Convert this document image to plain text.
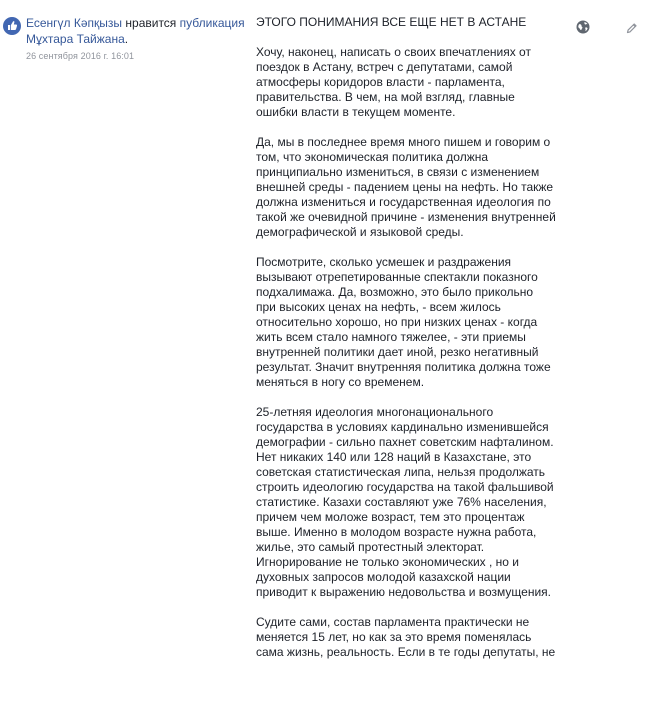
Есенгүл Кәпқызы нравится публикация Мұхтара Тайжана.
26 сентября 2016 г. 16:01
ЭТОГО ПОНИМАНИЯ ВСЕ ЕЩЕ НЕТ В АСТАНЕ

Хочу, наконец, написать о своих впечатлениях от поездок в Астану, встреч с депутатами, самой атмосферы коридоров власти - парламента, правительства. В чем, на мой взгляд, главные ошибки власти в текущем моменте.

Да, мы в последнее время много пишем и говорим о том, что экономическая политика должна принципиально измениться, в связи с изменением внешней среды - падением цены на нефть. Но также должна измениться и государственная идеология по такой же очевидной причине - изменения внутренней демографической и языковой среды.

Посмотрите, сколько усмешек и раздражения вызывают отрепетированные спектакли показного подхалимажа. Да, возможно, это было прикольно при высоких ценах на нефть, - всем жилось относительно хорошо, но при низких ценах - когда жить всем стало намного тяжелее, - эти приемы внутренней политики дает иной, резко негативный результат. Значит внутренняя политика должна тоже меняться в ногу со временем.

25-летняя идеология многонационального государства в условиях кардинально изменившейся демографии - сильно пахнет советским нафталином. Нет никаких 140 или 128 наций в Казахстане, это советская статистическая липа, нельзя продолжать строить идеологию государства на такой фальшивой статистике. Казахи составляют уже 76% населения, причем чем моложе возраст, тем это процентаж выше. Именно в молодом возрасте нужна работа, жилье, это самый протестный электорат. Игнорирование не только экономических , но и духовных запросов молодой казахской нации приводит к выражению недовольства и возмущения.

Судите сами, состав парламента практически не меняется 15 лет, но как за это время поменялась сама жизнь, реальность. Если в те годы депутаты, не
